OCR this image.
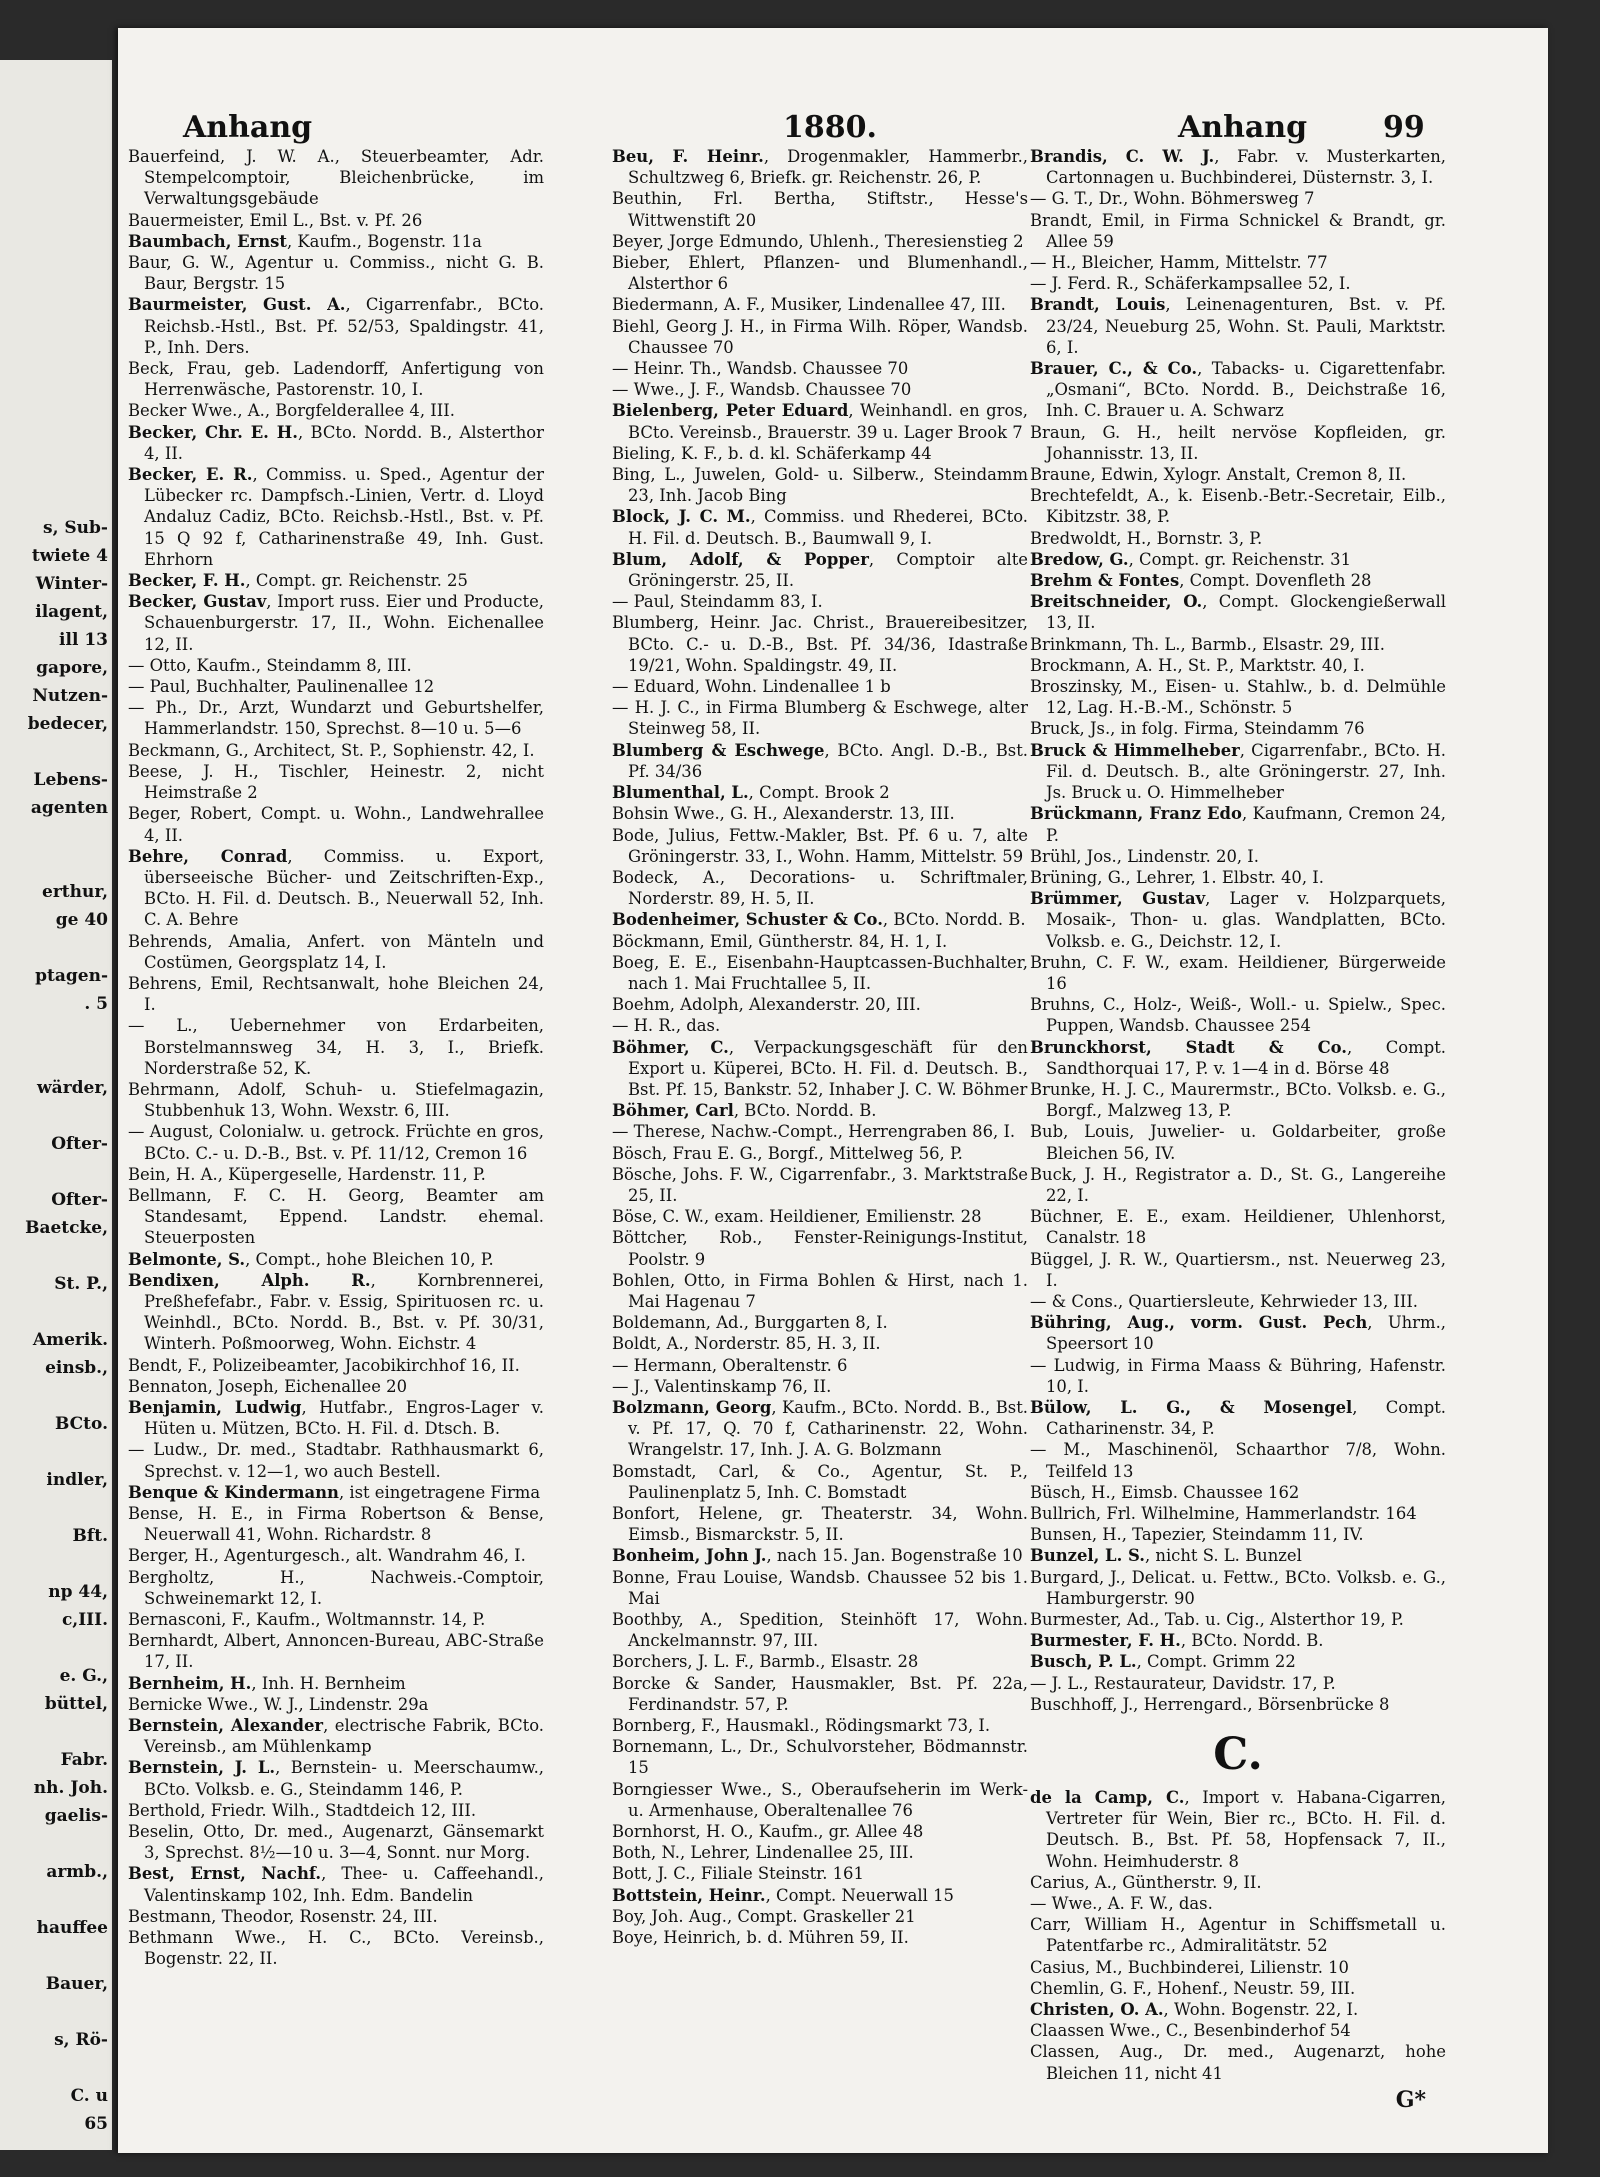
s, Sub-
twiete 4
Winter-
ilagent,
ill 13
gapore,
Nutzen-
bedecer,
Lebens-
agenten
erthur,
ge 40
ptagen-
. 5
wärder,
Ofter-
Ofter-
Baetcke,
St. P.,
Amerik.
einsb.,
BCto.
indler,
Bft.
np 44,
c,III.
e. G.,
büttel,
Fabr.
nh. Joh.
gaelis-
armb.,
hauffee
Bauer,
s, Rö-
C. u
65
Anhang	1880.	Anhang	99

Bauerfeind, J. W. A., Steuerbeamter, Adr. Stempelcomptoir, Bleichenbrücke, im Verwaltungsgebäude

Bauermeister, Emil L., Bst. v. Pf. 26

Baumbach, Ernst, Kaufm., Bogenstr. 11a

Baur, G. W., Agentur u. Commiss., nicht G. B. Baur, Bergstr. 15

Baurmeister, Gust. A., Cigarrenfabr., BCto. Reichsb.-Hstl., Bst. Pf. 52/53, Spaldingstr. 41, P., Inh. Ders.

Beck, Frau, geb. Ladendorff, Anfertigung von Herrenwäsche, Pastorenstr. 10, I.

Becker Wwe., A., Borgfelderallee 4, III.

Becker, Chr. E. H., BCto. Nordd. B., Alsterthor 4, II.

Becker, E. R., Commiss. u. Sped., Agentur der Lübecker rc. Dampfsch.-Linien, Vertr. d. Lloyd Andaluz Cadiz, BCto. Reichsb.-Hstl., Bst. v. Pf. 15 Q 92 f, Catharinenstraße 49, Inh. Gust. Ehrhorn

Becker, F. H., Compt. gr. Reichenstr. 25

Becker, Gustav, Import russ. Eier und Producte, Schauenburgerstr. 17, II., Wohn. Eichenallee 12, II.

— Otto, Kaufm., Steindamm 8, III.

— Paul, Buchhalter, Paulinenallee 12

— Ph., Dr., Arzt, Wundarzt und Geburtshelfer, Hammerlandstr. 150, Sprechst. 8—10 u. 5—6

Beckmann, G., Architect, St. P., Sophienstr. 42, I.

Beese, J. H., Tischler, Heinestr. 2, nicht Heimstraße 2

Beger, Robert, Compt. u. Wohn., Landwehrallee 4, II.

Behre, Conrad, Commiss. u. Export, überseeische Bücher- und Zeitschriften-Exp., BCto. H. Fil. d. Deutsch. B., Neuerwall 52, Inh. C. A. Behre

Behrends, Amalia, Anfert. von Mänteln und Costümen, Georgsplatz 14, I.

Behrens, Emil, Rechtsanwalt, hohe Bleichen 24, I.

— L., Uebernehmer von Erdarbeiten, Borstelmannsweg 34, H. 3, I., Briefk. Norderstraße 52, K.

Behrmann, Adolf, Schuh- u. Stiefelmagazin, Stubbenhuk 13, Wohn. Wexstr. 6, III.

— August, Colonialw. u. getrock. Früchte en gros, BCto. C.- u. D.-B., Bst. v. Pf. 11/12, Cremon 16

Bein, H. A., Küpergeselle, Hardenstr. 11, P.

Bellmann, F. C. H. Georg, Beamter am Standesamt, Eppend. Landstr. ehemal. Steuerposten

Belmonte, S., Compt., hohe Bleichen 10, P.

Bendixen, Alph. R., Kornbrennerei, Preßhefefabr., Fabr. v. Essig, Spirituosen rc. u. Weinhdl., BCto. Nordd. B., Bst. v. Pf. 30/31, Winterh. Poßmoorweg, Wohn. Eichstr. 4

Bendt, F., Polizeibeamter, Jacobikirchhof 16, II.

Bennaton, Joseph, Eichenallee 20

Benjamin, Ludwig, Hutfabr., Engros-Lager v. Hüten u. Mützen, BCto. H. Fil. d. Dtsch. B.

— Ludw., Dr. med., Stadtabr. Rathhausmarkt 6, Sprechst. v. 12—1, wo auch Bestell.

Benque & Kindermann, ist eingetragene Firma

Bense, H. E., in Firma Robertson & Bense, Neuerwall 41, Wohn. Richardstr. 8

Berger, H., Agenturgesch., alt. Wandrahm 46, I.

Bergholtz, H., Nachweis.-Comptoir, Schweinemarkt 12, I.

Bernasconi, F., Kaufm., Woltmannstr. 14, P.

Bernhardt, Albert, Annoncen-Bureau, ABC-Straße 17, II.

Bernheim, H., Inh. H. Bernheim

Bernicke Wwe., W. J., Lindenstr. 29a

Bernstein, Alexander, electrische Fabrik, BCto. Vereinsb., am Mühlenkamp

Bernstein, J. L., Bernstein- u. Meerschaumw., BCto. Volksb. e. G., Steindamm 146, P.

Berthold, Friedr. Wilh., Stadtdeich 12, III.

Beselin, Otto, Dr. med., Augenarzt, Gänsemarkt 3, Sprechst. 8½—10 u. 3—4, Sonnt. nur Morg.

Best, Ernst, Nachf., Thee- u. Caffeehandl., Valentinskamp 102, Inh. Edm. Bandelin

Bestmann, Theodor, Rosenstr. 24, III.

Bethmann Wwe., H. C., BCto. Vereinsb., Bogenstr. 22, II.

Beu, F. Heinr., Drogenmakler, Hammerbr., Schultzweg 6, Briefk. gr. Reichenstr. 26, P.

Beuthin, Frl. Bertha, Stiftstr., Hesse's Wittwenstift 20

Beyer, Jorge Edmundo, Uhlenh., Theresienstieg 2

Bieber, Ehlert, Pflanzen- und Blumenhandl., Alsterthor 6

Biedermann, A. F., Musiker, Lindenallee 47, III.

Biehl, Georg J. H., in Firma Wilh. Röper, Wandsb. Chaussee 70

— Heinr. Th., Wandsb. Chaussee 70

— Wwe., J. F., Wandsb. Chaussee 70

Bielenberg, Peter Eduard, Weinhandl. en gros, BCto. Vereinsb., Brauerstr. 39 u. Lager Brook 7

Bieling, K. F., b. d. kl. Schäferkamp 44

Bing, L., Juwelen, Gold- u. Silberw., Steindamm 23, Inh. Jacob Bing

Block, J. C. M., Commiss. und Rhederei, BCto. H. Fil. d. Deutsch. B., Baumwall 9, I.

Blum, Adolf, & Popper, Comptoir alte Gröningerstr. 25, II.

— Paul, Steindamm 83, I.

Blumberg, Heinr. Jac. Christ., Brauereibesitzer, BCto. C.- u. D.-B., Bst. Pf. 34/36, Idastraße 19/21, Wohn. Spaldingstr. 49, II.

— Eduard, Wohn. Lindenallee 1 b

— H. J. C., in Firma Blumberg & Eschwege, alter Steinweg 58, II.

Blumberg & Eschwege, BCto. Angl. D.-B., Bst. Pf. 34/36

Blumenthal, L., Compt. Brook 2

Bohsin Wwe., G. H., Alexanderstr. 13, III.

Bode, Julius, Fettw.-Makler, Bst. Pf. 6 u. 7, alte Gröningerstr. 33, I., Wohn. Hamm, Mittelstr. 59

Bodeck, A., Decorations- u. Schriftmaler, Norderstr. 89, H. 5, II.

Bodenheimer, Schuster & Co., BCto. Nordd. B.

Böckmann, Emil, Güntherstr. 84, H. 1, I.

Boeg, E. E., Eisenbahn-Hauptcassen-Buchhalter, nach 1. Mai Fruchtallee 5, II.

Boehm, Adolph, Alexanderstr. 20, III.

— H. R., das.

Böhmer, C., Verpackungsgeschäft für den Export u. Küperei, BCto. H. Fil. d. Deutsch. B., Bst. Pf. 15, Bankstr. 52, Inhaber J. C. W. Böhmer

Böhmer, Carl, BCto. Nordd. B.

— Therese, Nachw.-Compt., Herrengraben 86, I.

Bösch, Frau E. G., Borgf., Mittelweg 56, P.

Bösche, Johs. F. W., Cigarrenfabr., 3. Marktstraße 25, II.

Böse, C. W., exam. Heildiener, Emilienstr. 28

Böttcher, Rob., Fenster-Reinigungs-Institut, Poolstr. 9

Bohlen, Otto, in Firma Bohlen & Hirst, nach 1. Mai Hagenau 7

Boldemann, Ad., Burggarten 8, I.

Boldt, A., Norderstr. 85, H. 3, II.

— Hermann, Oberaltenstr. 6

— J., Valentinskamp 76, II.

Bolzmann, Georg, Kaufm., BCto. Nordd. B., Bst. v. Pf. 17, Q. 70 f, Catharinenstr. 22, Wohn. Wrangelstr. 17, Inh. J. A. G. Bolzmann

Bomstadt, Carl, & Co., Agentur, St. P., Paulinenplatz 5, Inh. C. Bomstadt

Bonfort, Helene, gr. Theaterstr. 34, Wohn. Eimsb., Bismarckstr. 5, II.

Bonheim, John J., nach 15. Jan. Bogenstraße 10

Bonne, Frau Louise, Wandsb. Chaussee 52 bis 1. Mai

Boothby, A., Spedition, Steinhöft 17, Wohn. Anckelmannstr. 97, III.

Borchers, J. L. F., Barmb., Elsastr. 28

Borcke & Sander, Hausmakler, Bst. Pf. 22a, Ferdinandstr. 57, P.

Bornberg, F., Hausmakl., Rödingsmarkt 73, I.

Bornemann, L., Dr., Schulvorsteher, Bödmannstr. 15

Borngiesser Wwe., S., Oberaufseherin im Werk- u. Armenhause, Oberaltenallee 76

Bornhorst, H. O., Kaufm., gr. Allee 48

Both, N., Lehrer, Lindenallee 25, III.

Bott, J. C., Filiale Steinstr. 161

Bottstein, Heinr., Compt. Neuerwall 15

Boy, Joh. Aug., Compt. Graskeller 21

Boye, Heinrich, b. d. Mühren 59, II.

Brandis, C. W. J., Fabr. v. Musterkarten, Cartonnagen u. Buchbinderei, Düsternstr. 3, I.

— G. T., Dr., Wohn. Böhmersweg 7

Brandt, Emil, in Firma Schnickel & Brandt, gr. Allee 59

— H., Bleicher, Hamm, Mittelstr. 77

— J. Ferd. R., Schäferkampsallee 52, I.

Brandt, Louis, Leinenagenturen, Bst. v. Pf. 23/24, Neueburg 25, Wohn. St. Pauli, Marktstr. 6, I.

Brauer, C., & Co., Tabacks- u. Cigarettenfabr. „Osmani“, BCto. Nordd. B., Deichstraße 16, Inh. C. Brauer u. A. Schwarz

Braun, G. H., heilt nervöse Kopfleiden, gr. Johannisstr. 13, II.

Braune, Edwin, Xylogr. Anstalt, Cremon 8, II.

Brechtefeldt, A., k. Eisenb.-Betr.-Secretair, Eilb., Kibitzstr. 38, P.

Bredwoldt, H., Bornstr. 3, P.

Bredow, G., Compt. gr. Reichenstr. 31

Brehm & Fontes, Compt. Dovenfleth 28

Breitschneider, O., Compt. Glockengießerwall 13, II.

Brinkmann, Th. L., Barmb., Elsastr. 29, III.

Brockmann, A. H., St. P., Marktstr. 40, I.

Broszinsky, M., Eisen- u. Stahlw., b. d. Delmühle 12, Lag. H.-B.-M., Schönstr. 5

Bruck, Js., in folg. Firma, Steindamm 76

Bruck & Himmelheber, Cigarrenfabr., BCto. H. Fil. d. Deutsch. B., alte Gröningerstr. 27, Inh. Js. Bruck u. O. Himmelheber

Brückmann, Franz Edo, Kaufmann, Cremon 24, P.

Brühl, Jos., Lindenstr. 20, I.

Brüning, G., Lehrer, 1. Elbstr. 40, I.

Brümmer, Gustav, Lager v. Holzparquets, Mosaik-, Thon- u. glas. Wandplatten, BCto. Volksb. e. G., Deichstr. 12, I.

Bruhn, C. F. W., exam. Heildiener, Bürgerweide 16

Bruhns, C., Holz-, Weiß-, Woll.- u. Spielw., Spec. Puppen, Wandsb. Chaussee 254

Brunckhorst, Stadt & Co., Compt. Sandthorquai 17, P. v. 1—4 in d. Börse 48

Brunke, H. J. C., Maurermstr., BCto. Volksb. e. G., Borgf., Malzweg 13, P.

Bub, Louis, Juwelier- u. Goldarbeiter, große Bleichen 56, IV.

Buck, J. H., Registrator a. D., St. G., Langereihe 22, I.

Büchner, E. E., exam. Heildiener, Uhlenhorst, Canalstr. 18

Büggel, J. R. W., Quartiersm., nst. Neuerweg 23, I.

— & Cons., Quartiersleute, Kehrwieder 13, III.

Bühring, Aug., vorm. Gust. Pech, Uhrm., Speersort 10

— Ludwig, in Firma Maass & Bühring, Hafenstr. 10, I.

Bülow, L. G., & Mosengel, Compt. Catharinenstr. 34, P.

— M., Maschinenöl, Schaarthor 7/8, Wohn. Teilfeld 13

Büsch, H., Eimsb. Chaussee 162

Bullrich, Frl. Wilhelmine, Hammerlandstr. 164

Bunsen, H., Tapezier, Steindamm 11, IV.

Bunzel, L. S., nicht S. L. Bunzel

Burgard, J., Delicat. u. Fettw., BCto. Volksb. e. G., Hamburgerstr. 90

Burmester, Ad., Tab. u. Cig., Alsterthor 19, P.

Burmester, F. H., BCto. Nordd. B.

Busch, P. L., Compt. Grimm 22

— J. L., Restaurateur, Davidstr. 17, P.

Buschhoff, J., Herrengard., Börsenbrücke 8

C.

de la Camp, C., Import v. Habana-Cigarren, Vertreter für Wein, Bier rc., BCto. H. Fil. d. Deutsch. B., Bst. Pf. 58, Hopfensack 7, II., Wohn. Heimhuderstr. 8

Carius, A., Güntherstr. 9, II.

— Wwe., A. F. W., das.

Carr, William H., Agentur in Schiffsmetall u. Patentfarbe rc., Admiralitätstr. 52

Casius, M., Buchbinderei, Lilienstr. 10

Chemlin, G. F., Hohenf., Neustr. 59, III.

Christen, O. A., Wohn. Bogenstr. 22, I.

Claassen Wwe., C., Besenbinderhof 54

Classen, Aug., Dr. med., Augenarzt, hohe Bleichen 11, nicht 41

G*
